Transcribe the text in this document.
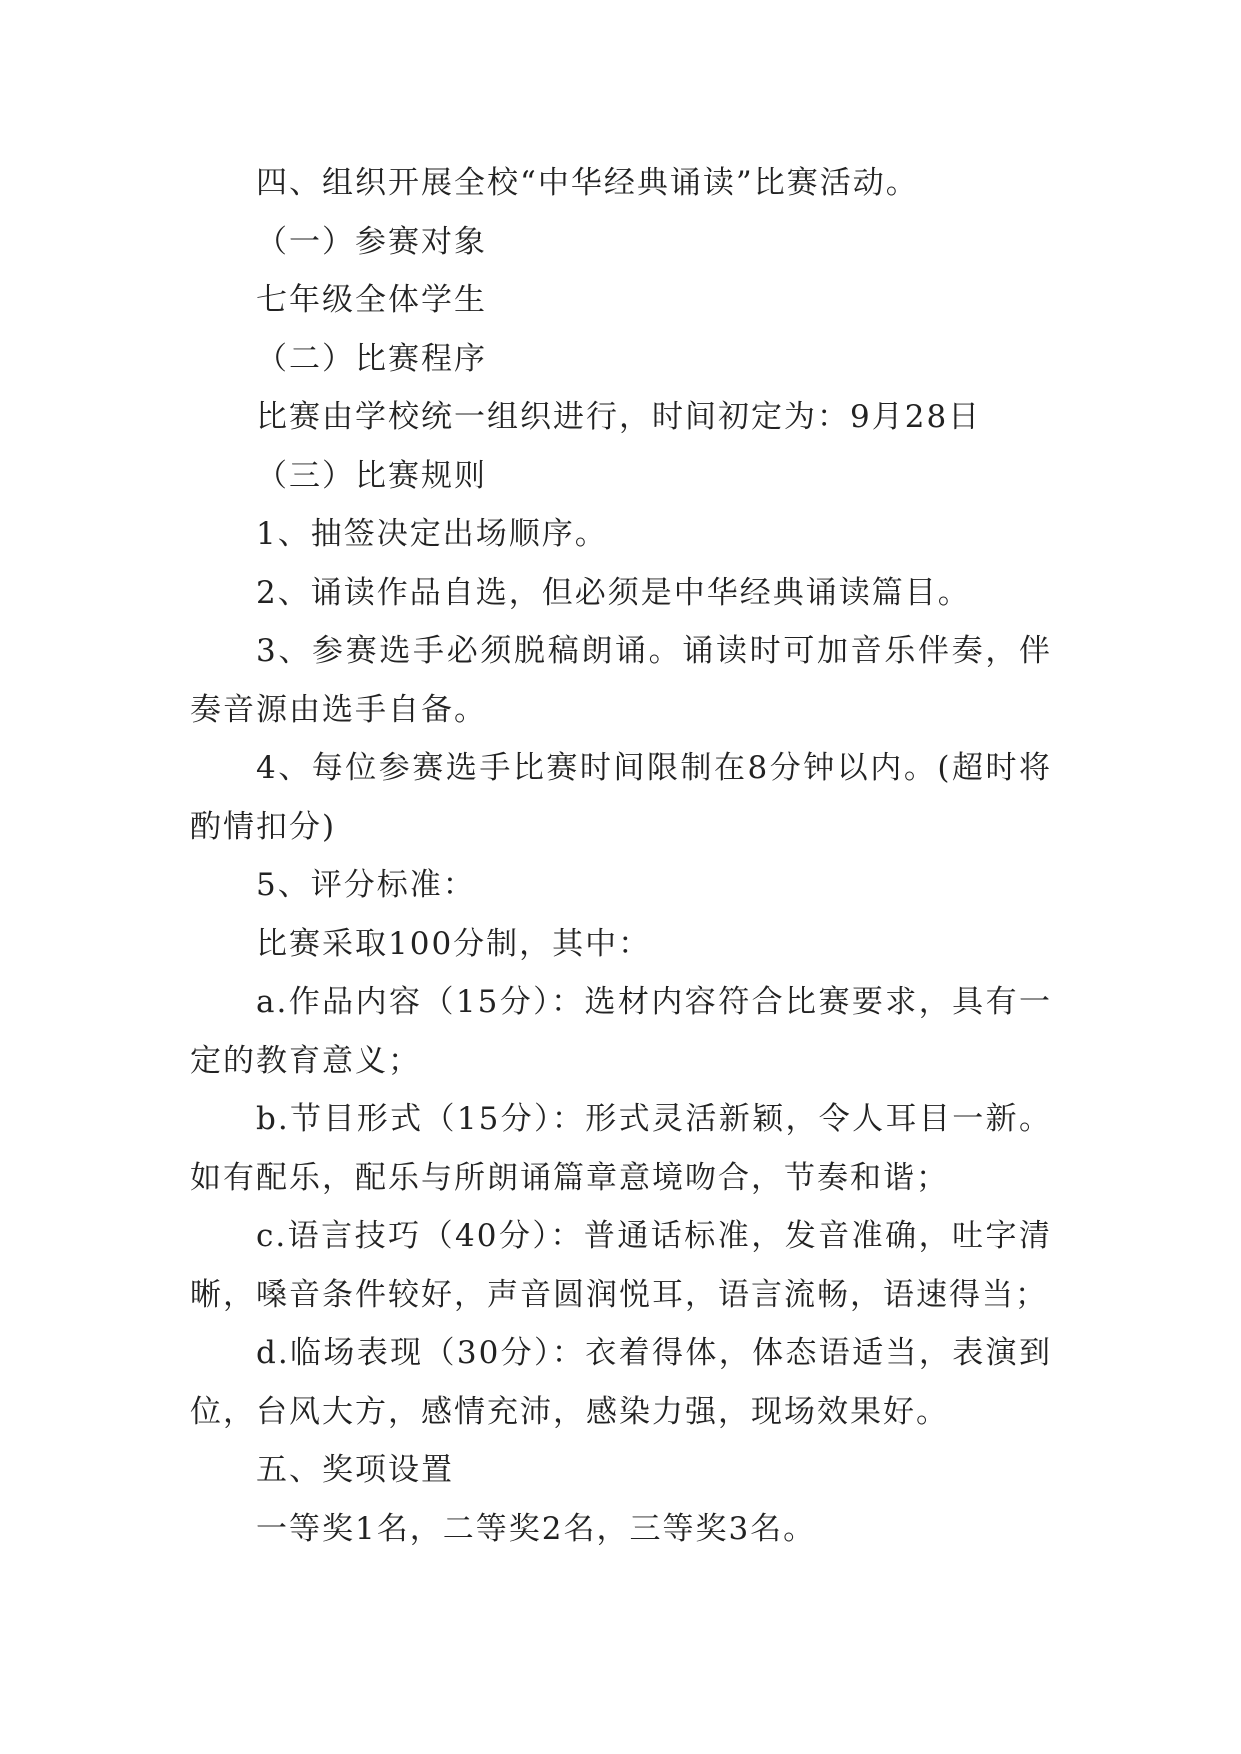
四、组织开展全校“中华经典诵读”比赛活动。

（一）参赛对象

七年级全体学生

（二）比赛程序

比赛由学校统一组织进行，时间初定为：9月28日

（三）比赛规则

1、抽签决定出场顺序。

2、诵读作品自选，但必须是中华经典诵读篇目。

3、参赛选手必须脱稿朗诵。诵读时可加音乐伴奏，伴奏音源由选手自备。

4、每位参赛选手比赛时间限制在8分钟以内。(超时将酌情扣分)

5、评分标准：

比赛采取100分制，其中：

a.作品内容（15分）：选材内容符合比赛要求，具有一定的教育意义；

b.节目形式（15分）：形式灵活新颖，令人耳目一新。如有配乐，配乐与所朗诵篇章意境吻合，节奏和谐；

c.语言技巧（40分）：普通话标准，发音准确，吐字清晰，嗓音条件较好，声音圆润悦耳，语言流畅，语速得当；

d.临场表现（30分）：衣着得体，体态语适当，表演到位，台风大方，感情充沛，感染力强，现场效果好。

五、奖项设置

一等奖1名，二等奖2名，三等奖3名。
